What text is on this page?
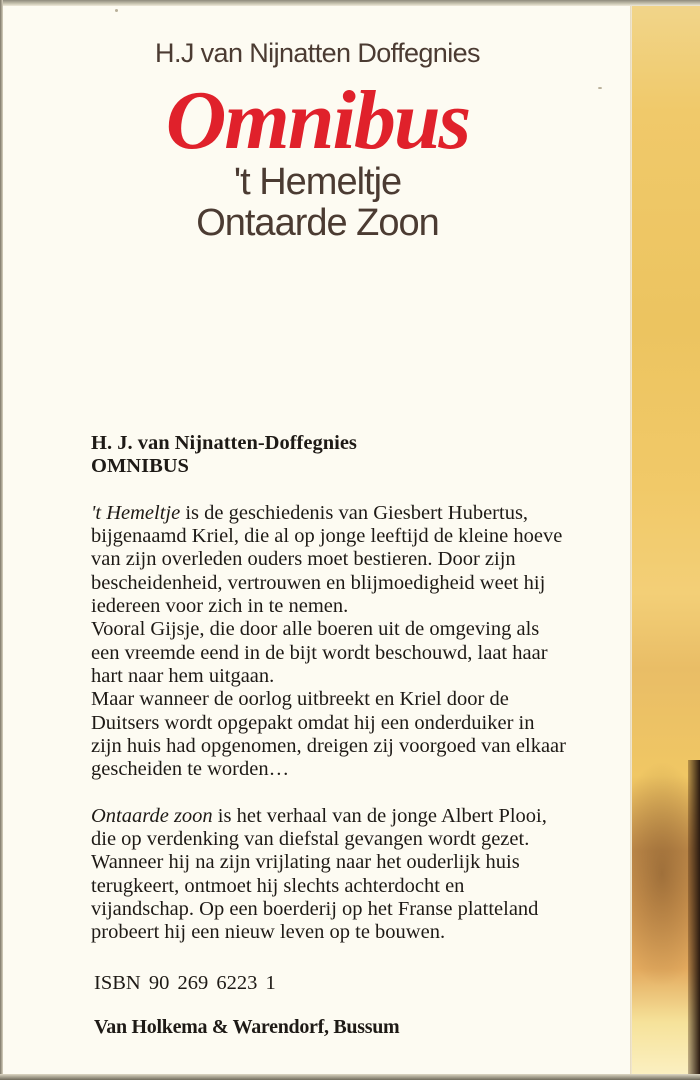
H.J van Nijnatten Doffegnies
Omnibus
't Hemeltje
Ontaarde Zoon
H. J. van Nijnatten-Doffegnies
OMNIBUS
't Hemeltje is de geschiedenis van Giesbert Hubertus,
bijgenaamd Kriel, die al op jonge leeftijd de kleine hoeve
van zijn overleden ouders moet bestieren. Door zijn
bescheidenheid, vertrouwen en blijmoedigheid weet hij
iedereen voor zich in te nemen.
Vooral Gijsje, die door alle boeren uit de omgeving als
een vreemde eend in de bijt wordt beschouwd, laat haar
hart naar hem uitgaan.
Maar wanneer de oorlog uitbreekt en Kriel door de
Duitsers wordt opgepakt omdat hij een onderduiker in
zijn huis had opgenomen, dreigen zij voorgoed van elkaar
gescheiden te worden…
Ontaarde zoon is het verhaal van de jonge Albert Plooi,
die op verdenking van diefstal gevangen wordt gezet.
Wanneer hij na zijn vrijlating naar het ouderlijk huis
terugkeert, ontmoet hij slechts achterdocht en
vijandschap. Op een boerderij op het Franse platteland
probeert hij een nieuw leven op te bouwen.
ISBN 90 269 6223 1
Van Holkema & Warendorf, Bussum
